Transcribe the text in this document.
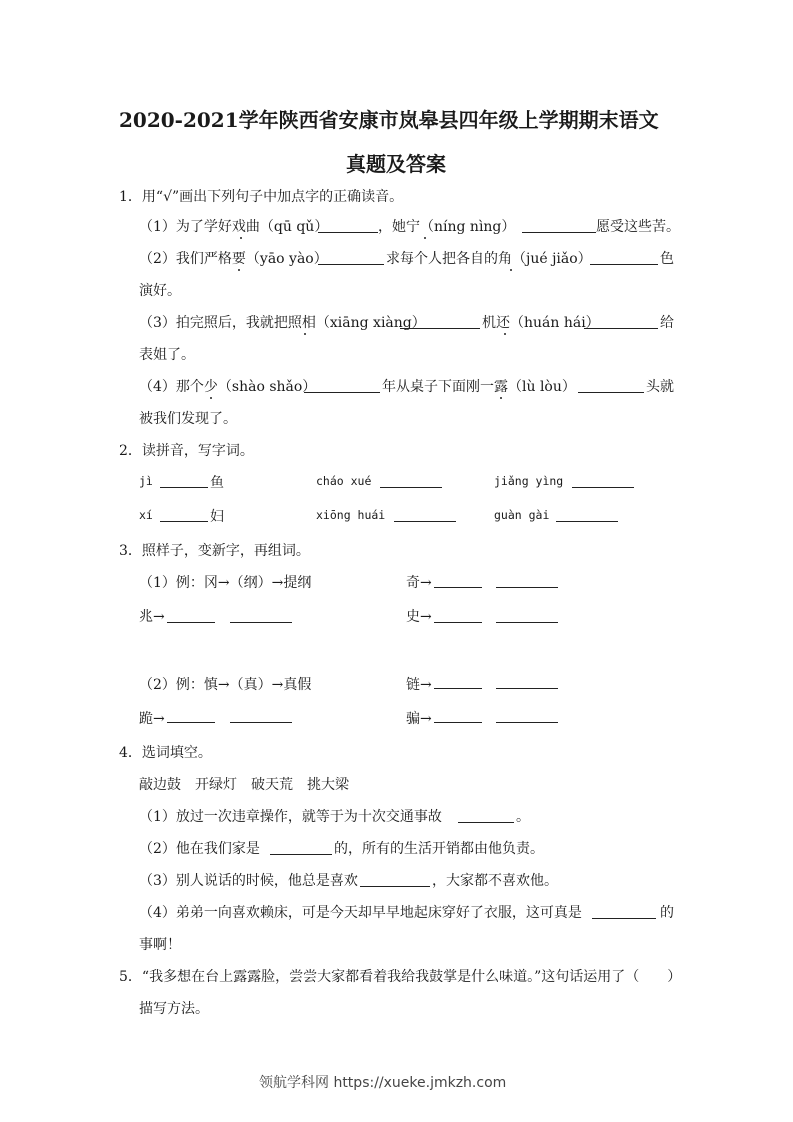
2020-2021学年陕西省安康市岚皋县四年级上学期期末语文
真题及答案
1．用“√”画出下列句子中加点字的正确读音。
（1）为了学好戏曲（qū qǔ）	，她宁（níng nìng）	愿受这些苦。
（2）我们严格要（yāo yào）	求每个人把各自的角（jué jiǎo）	色
演好。
（3）拍完照后，我就把照相（xiāng xiàng）	机还（huán hái）	给
表姐了。
（4）那个少（shào shǎo）	年从桌子下面刚一露（lù lòu）	头就
被我们发现了。
2．读拼音，写字词。
jì	鱼	cháo xué	jiǎng yìng
xí	妇	xiōng huái	guàn gài
3．照样子，变新字，再组词。
（1）例：冈→（纲）→提纲	奇→
兆→	史→
（2）例：慎→（真）→真假	链→
跪→	骗→
4．选词填空。
敲边鼓　开绿灯　破天荒　挑大梁
（1）放过一次违章操作，就等于为十次交通事故	。
（2）他在我们家是	的，所有的生活开销都由他负责。
（3）别人说话的时候，他总是喜欢	，大家都不喜欢他。
（4）弟弟一向喜欢赖床，可是今天却早早地起床穿好了衣服，这可真是	的
事啊！
5．“我多想在台上露露脸，尝尝大家都看着我给我鼓掌是什么味道。”这句话运用了（　　）
描写方法。
领航学科网 https://xueke.jmkzh.com
